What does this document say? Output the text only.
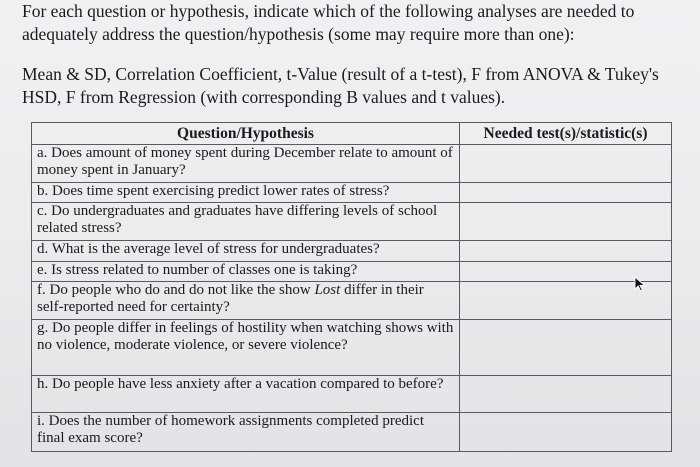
For each question or hypothesis, indicate which of the following analyses are needed to adequately address the question/hypothesis (some may require more than one):

Mean & SD, Correlation Coefficient, t-Value (result of a t-test), F from ANOVA & Tukey's HSD, F from Regression (with corresponding B values and t values).

Question/Hypothesis	Needed test(s)/statistic(s)
a. Does amount of money spent during December relate to amount of money spent in January?	
b. Does time spent exercising predict lower rates of stress?	
c. Do undergraduates and graduates have differing levels of school related stress?	
d. What is the average level of stress for undergraduates?	
e. Is stress related to number of classes one is taking?	
f. Do people who do and do not like the show Lost differ in their self-reported need for certainty?	
g. Do people differ in feelings of hostility when watching shows with no violence, moderate violence, or severe violence?	
h. Do people have less anxiety after a vacation compared to before?	
i. Does the number of homework assignments completed predict final exam score?	
